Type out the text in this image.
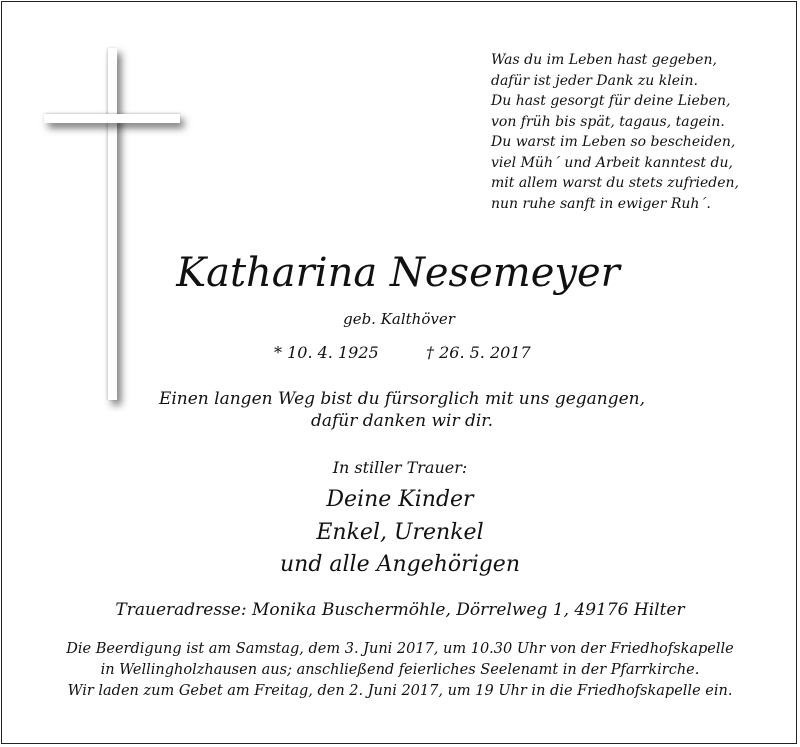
Was du im Leben hast gegeben,
dafür ist jeder Dank zu klein.
Du hast gesorgt für deine Lieben,
von früh bis spät, tagaus, tagein.
Du warst im Leben so bescheiden,
viel Müh´ und Arbeit kanntest du,
mit allem warst du stets zufrieden,
nun ruhe sanft in ewiger Ruh´.
Katharina Nesemeyer
geb. Kalthöver
* 10. 4. 1925	† 26. 5. 2017
Einen langen Weg bist du fürsorglich mit uns gegangen,
dafür danken wir dir.
In stiller Trauer:
Deine Kinder
Enkel, Urenkel
und alle Angehörigen
Traueradresse: Monika Buschermöhle, Dörrelweg 1, 49176 Hilter
Die Beerdigung ist am Samstag, dem 3. Juni 2017, um 10.30 Uhr von der Friedhofskapelle
in Wellingholzhausen aus; anschließend feierliches Seelenamt in der Pfarrkirche.
Wir laden zum Gebet am Freitag, den 2. Juni 2017, um 19 Uhr in die Friedhofskapelle ein.
